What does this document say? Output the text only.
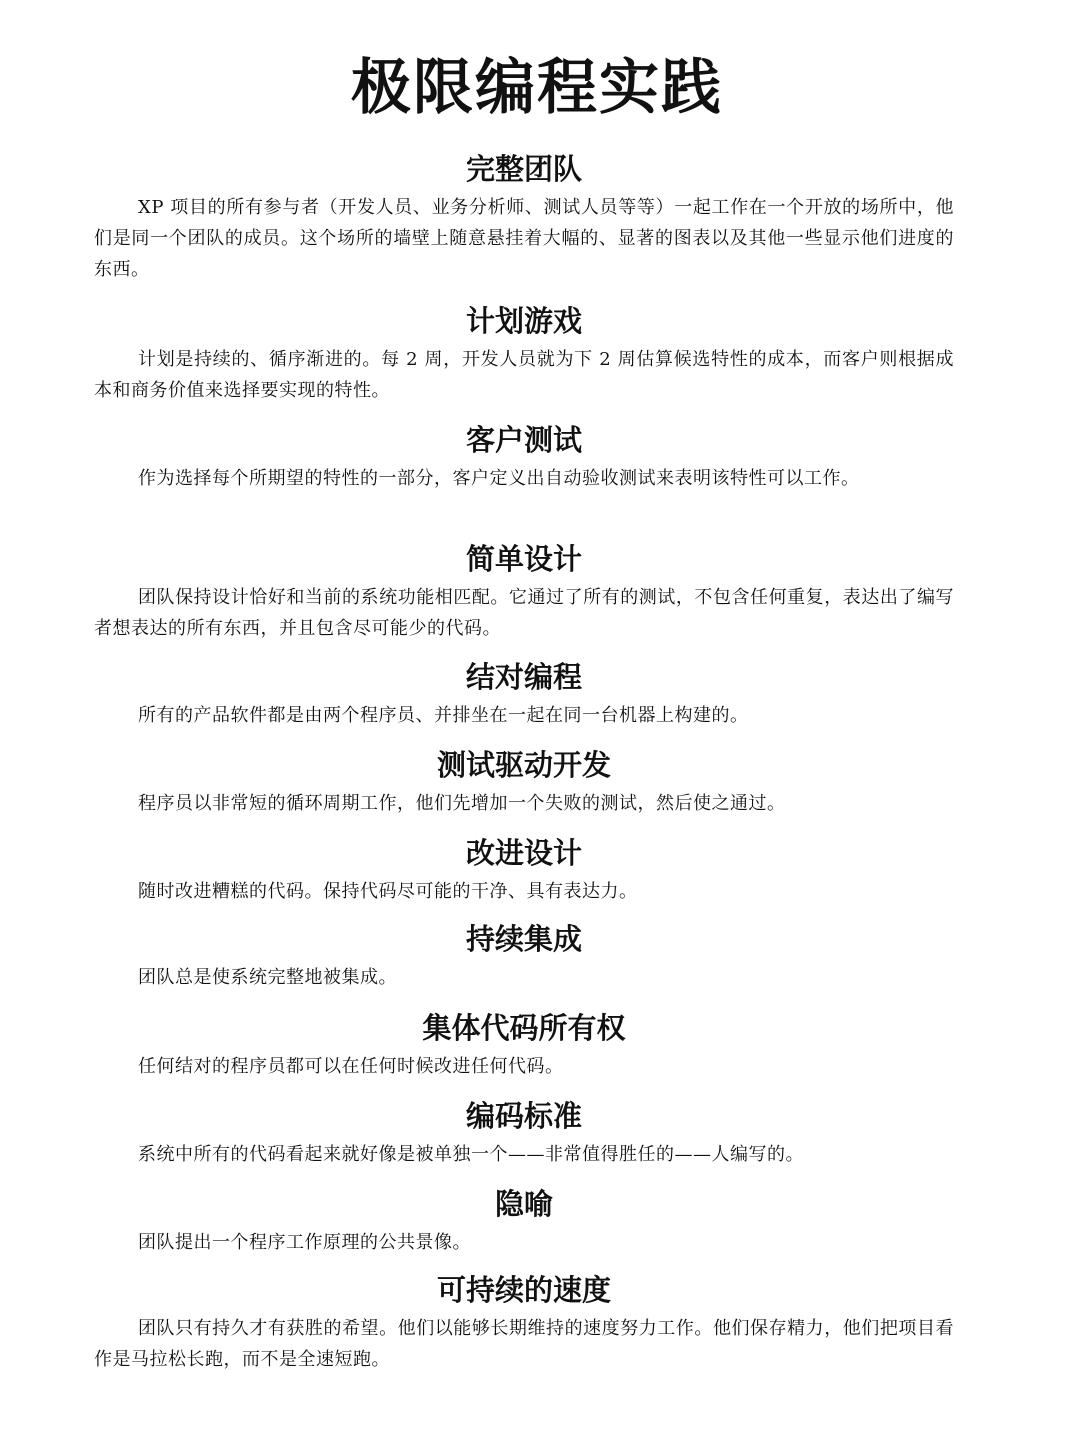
极限编程实践
完整团队
XP 项目的所有参与者（开发人员、业务分析师、测试人员等等）一起工作在一个开放的场所中，他们是同一个团队的成员。这个场所的墙壁上随意悬挂着大幅的、显著的图表以及其他一些显示他们进度的东西。
计划游戏
计划是持续的、循序渐进的。每 2 周，开发人员就为下 2 周估算候选特性的成本，而客户则根据成本和商务价值来选择要实现的特性。
客户测试
作为选择每个所期望的特性的一部分，客户定义出自动验收测试来表明该特性可以工作。
简单设计
团队保持设计恰好和当前的系统功能相匹配。它通过了所有的测试，不包含任何重复，表达出了编写者想表达的所有东西，并且包含尽可能少的代码。
结对编程
所有的产品软件都是由两个程序员、并排坐在一起在同一台机器上构建的。
测试驱动开发
程序员以非常短的循环周期工作，他们先增加一个失败的测试，然后使之通过。
改进设计
随时改进糟糕的代码。保持代码尽可能的干净、具有表达力。
持续集成
团队总是使系统完整地被集成。
集体代码所有权
任何结对的程序员都可以在任何时候改进任何代码。
编码标准
系统中所有的代码看起来就好像是被单独一个——非常值得胜任的——人编写的。
隐喻
团队提出一个程序工作原理的公共景像。
可持续的速度
团队只有持久才有获胜的希望。他们以能够长期维持的速度努力工作。他们保存精力，他们把项目看作是马拉松长跑，而不是全速短跑。
